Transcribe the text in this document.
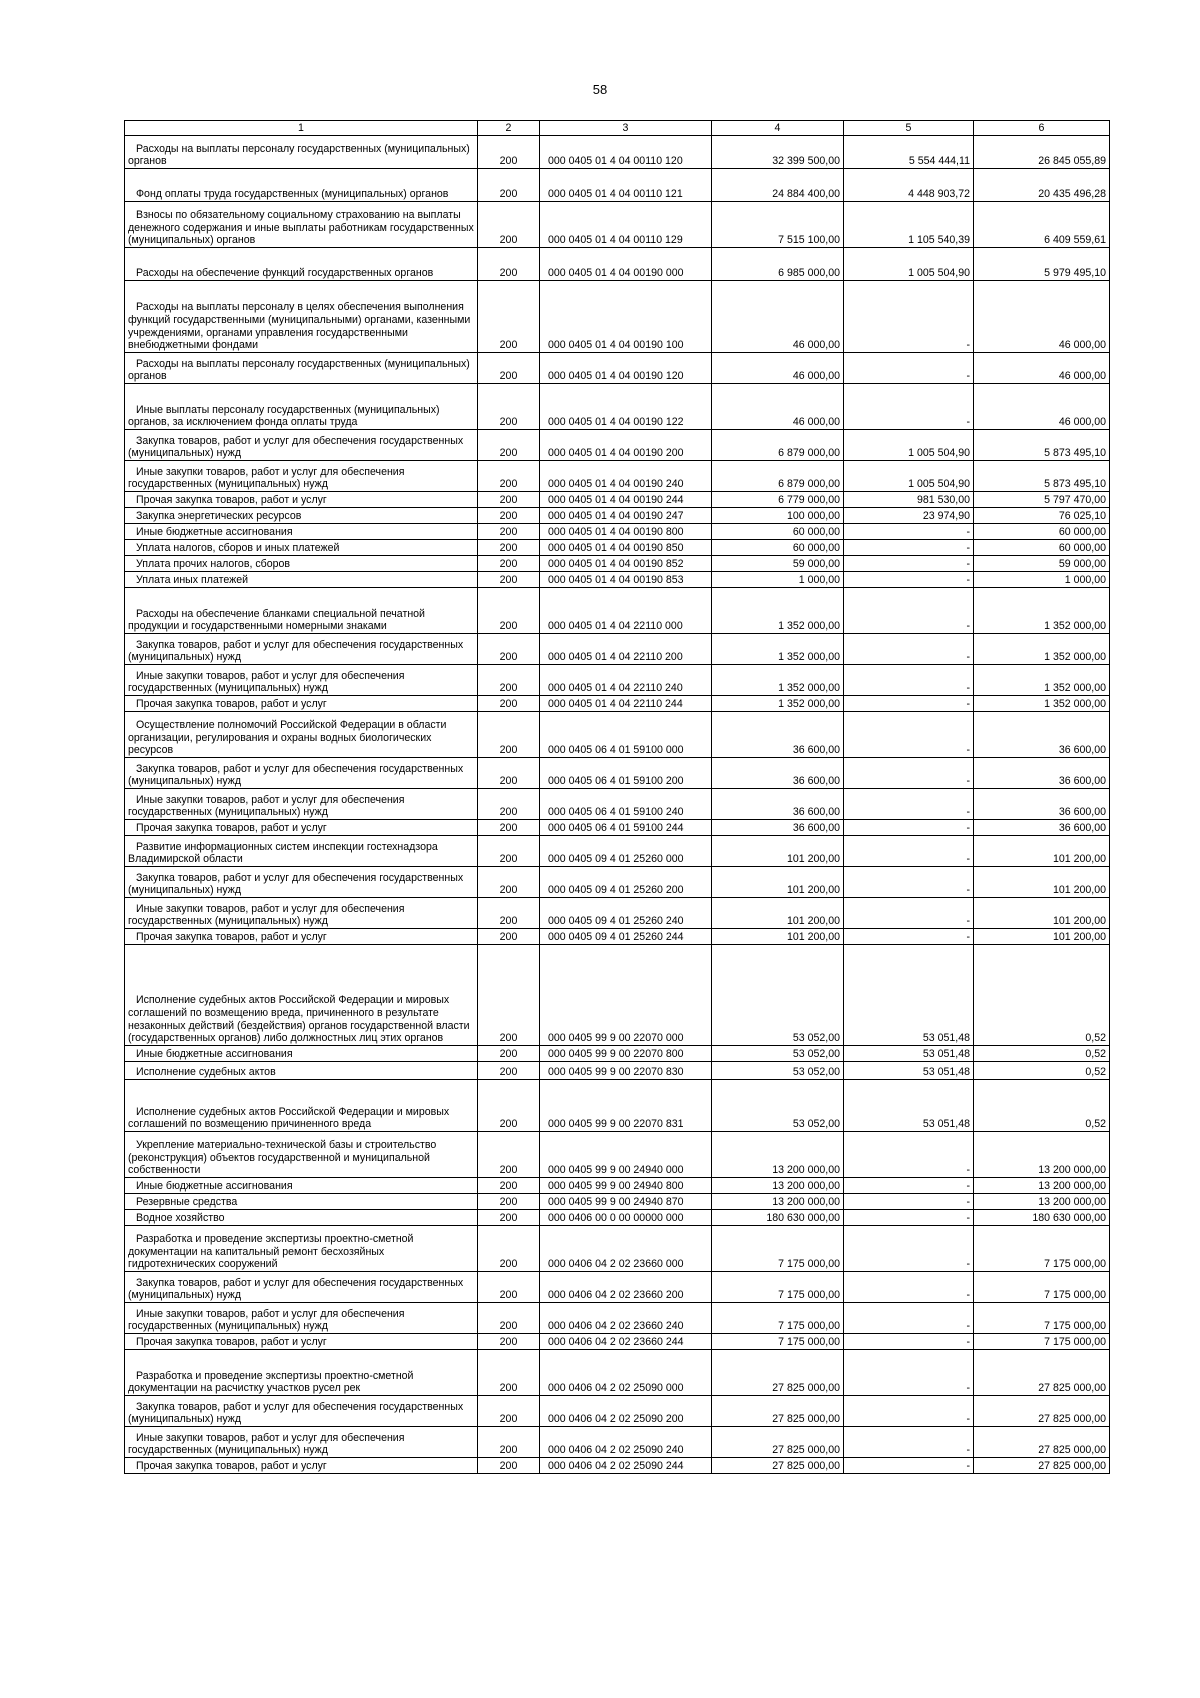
58
1	2	3	4	5	6

Расходы на выплаты персоналу государственных (муниципальных) органов	200	000 0405 01 4 04 00110 120	32 399 500,00	5 554 444,11	26 845 055,89

Фонд оплаты труда государственных (муниципальных) органов	200	000 0405 01 4 04 00110 121	24 884 400,00	4 448 903,72	20 435 496,28

Взносы по обязательному социальному страхованию на выплаты денежного содержания и иные выплаты работникам государственных (муниципальных) органов	200	000 0405 01 4 04 00110 129	7 515 100,00	1 105 540,39	6 409 559,61

Расходы на обеспечение функций государственных органов	200	000 0405 01 4 04 00190 000	6 985 000,00	1 005 504,90	5 979 495,10

Расходы на выплаты персоналу в целях обеспечения выполнения функций государственными (муниципальными) органами, казенными учреждениями, органами управления государственными внебюджетными фондами	200	000 0405 01 4 04 00190 100	46 000,00	-	46 000,00

Расходы на выплаты персоналу государственных (муниципальных) органов	200	000 0405 01 4 04 00190 120	46 000,00	-	46 000,00

Иные выплаты персоналу государственных (муниципальных) органов, за исключением фонда оплаты труда	200	000 0405 01 4 04 00190 122	46 000,00	-	46 000,00

Закупка товаров, работ и услуг для обеспечения государственных (муниципальных) нужд	200	000 0405 01 4 04 00190 200	6 879 000,00	1 005 504,90	5 873 495,10

Иные закупки товаров, работ и услуг для обеспечения государственных (муниципальных) нужд	200	000 0405 01 4 04 00190 240	6 879 000,00	1 005 504,90	5 873 495,10

Прочая закупка товаров, работ и услуг	200	000 0405 01 4 04 00190 244	6 779 000,00	981 530,00	5 797 470,00

Закупка энергетических ресурсов	200	000 0405 01 4 04 00190 247	100 000,00	23 974,90	76 025,10

Иные бюджетные ассигнования	200	000 0405 01 4 04 00190 800	60 000,00	-	60 000,00

Уплата налогов, сборов и иных платежей	200	000 0405 01 4 04 00190 850	60 000,00	-	60 000,00

Уплата прочих налогов, сборов	200	000 0405 01 4 04 00190 852	59 000,00	-	59 000,00

Уплата иных платежей	200	000 0405 01 4 04 00190 853	1 000,00	-	1 000,00

Расходы на обеспечение бланками специальной печатной продукции и государственными номерными знаками	200	000 0405 01 4 04 22110 000	1 352 000,00	-	1 352 000,00

Закупка товаров, работ и услуг для обеспечения государственных (муниципальных) нужд	200	000 0405 01 4 04 22110 200	1 352 000,00	-	1 352 000,00

Иные закупки товаров, работ и услуг для обеспечения государственных (муниципальных) нужд	200	000 0405 01 4 04 22110 240	1 352 000,00	-	1 352 000,00

Прочая закупка товаров, работ и услуг	200	000 0405 01 4 04 22110 244	1 352 000,00	-	1 352 000,00

Осуществление полномочий Российской Федерации в области организации, регулирования и охраны водных биологических ресурсов	200	000 0405 06 4 01 59100 000	36 600,00	-	36 600,00

Закупка товаров, работ и услуг для обеспечения государственных (муниципальных) нужд	200	000 0405 06 4 01 59100 200	36 600,00	-	36 600,00

Иные закупки товаров, работ и услуг для обеспечения государственных (муниципальных) нужд	200	000 0405 06 4 01 59100 240	36 600,00	-	36 600,00

Прочая закупка товаров, работ и услуг	200	000 0405 06 4 01 59100 244	36 600,00	-	36 600,00

Развитие информационных систем инспекции гостехнадзора Владимирской области	200	000 0405 09 4 01 25260 000	101 200,00	-	101 200,00

Закупка товаров, работ и услуг для обеспечения государственных (муниципальных) нужд	200	000 0405 09 4 01 25260 200	101 200,00	-	101 200,00

Иные закупки товаров, работ и услуг для обеспечения государственных (муниципальных) нужд	200	000 0405 09 4 01 25260 240	101 200,00	-	101 200,00

Прочая закупка товаров, работ и услуг	200	000 0405 09 4 01 25260 244	101 200,00	-	101 200,00

Исполнение судебных актов Российской Федерации и мировых соглашений по возмещению вреда, причиненного в результате незаконных действий (бездействия) органов государственной власти (государственных органов) либо должностных лиц этих органов	200	000 0405 99 9 00 22070 000	53 052,00	53 051,48	0,52

Иные бюджетные ассигнования	200	000 0405 99 9 00 22070 800	53 052,00	53 051,48	0,52

Исполнение судебных актов	200	000 0405 99 9 00 22070 830	53 052,00	53 051,48	0,52

Исполнение судебных актов Российской Федерации и мировых соглашений по возмещению причиненного вреда	200	000 0405 99 9 00 22070 831	53 052,00	53 051,48	0,52

Укрепление материально-технической базы и строительство (реконструкция) объектов государственной и муниципальной собственности	200	000 0405 99 9 00 24940 000	13 200 000,00	-	13 200 000,00

Иные бюджетные ассигнования	200	000 0405 99 9 00 24940 800	13 200 000,00	-	13 200 000,00

Резервные средства	200	000 0405 99 9 00 24940 870	13 200 000,00	-	13 200 000,00

Водное хозяйство	200	000 0406 00 0 00 00000 000	180 630 000,00	-	180 630 000,00

Разработка и проведение экспертизы проектно-сметной документации на капитальный ремонт бесхозяйных гидротехнических сооружений	200	000 0406 04 2 02 23660 000	7 175 000,00	-	7 175 000,00

Закупка товаров, работ и услуг для обеспечения государственных (муниципальных) нужд	200	000 0406 04 2 02 23660 200	7 175 000,00	-	7 175 000,00

Иные закупки товаров, работ и услуг для обеспечения государственных (муниципальных) нужд	200	000 0406 04 2 02 23660 240	7 175 000,00	-	7 175 000,00

Прочая закупка товаров, работ и услуг	200	000 0406 04 2 02 23660 244	7 175 000,00	-	7 175 000,00

Разработка и проведение экспертизы проектно-сметной документации на расчистку участков русел рек	200	000 0406 04 2 02 25090 000	27 825 000,00	-	27 825 000,00

Закупка товаров, работ и услуг для обеспечения государственных (муниципальных) нужд	200	000 0406 04 2 02 25090 200	27 825 000,00	-	27 825 000,00

Иные закупки товаров, работ и услуг для обеспечения государственных (муниципальных) нужд	200	000 0406 04 2 02 25090 240	27 825 000,00	-	27 825 000,00

Прочая закупка товаров, работ и услуг	200	000 0406 04 2 02 25090 244	27 825 000,00	-	27 825 000,00
